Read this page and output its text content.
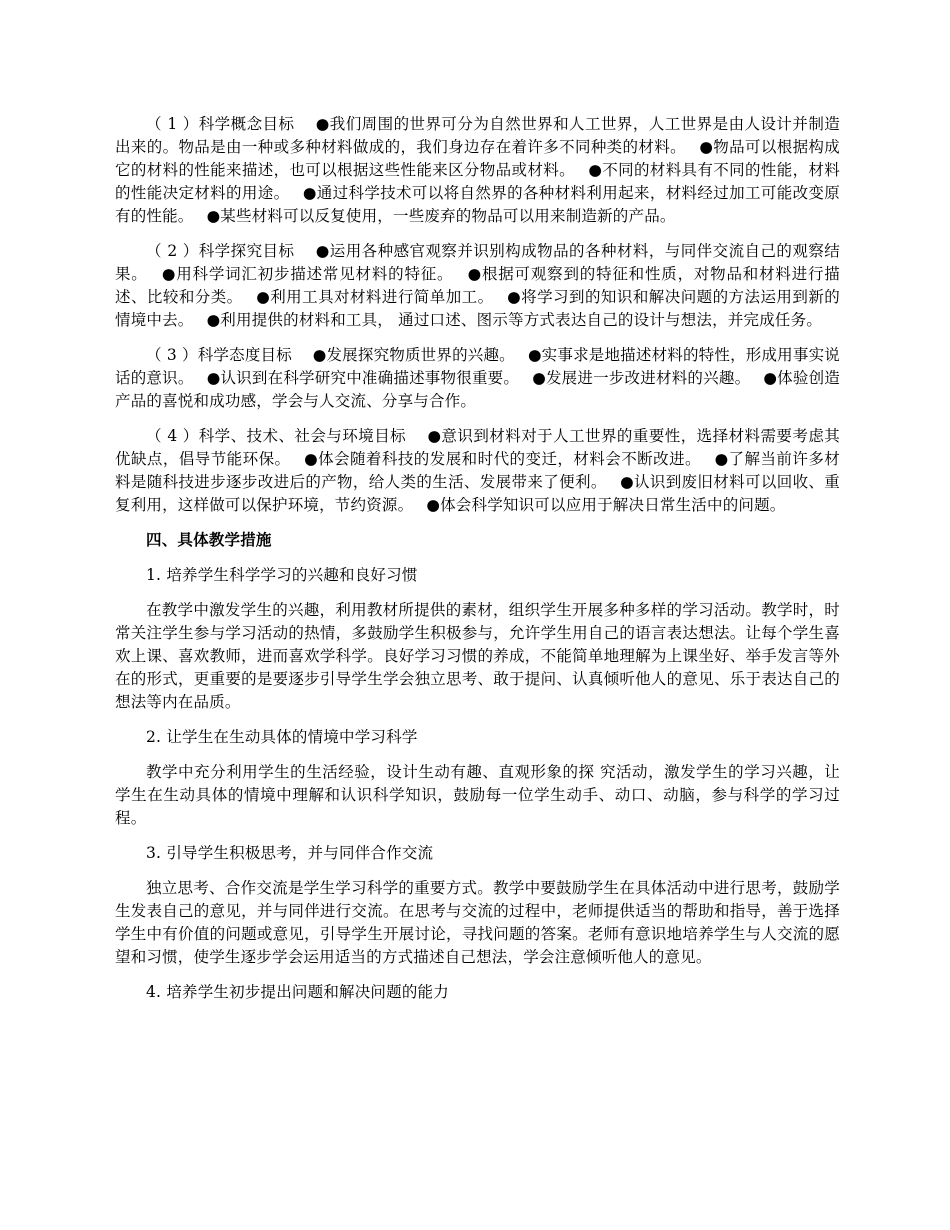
（ 1 ）科学概念目标　 ●我们周围的世界可分为自然世界和人工世界，人工世界是由人设计并制造出来的。物品是由一种或多种材料做成的，我们身边存在着许多不同种类的材料。　 ●物品可以根据构成它的材料的性能来描述，也可以根据这些性能来区分物品或材料。　 ●不同的材料具有不同的性能，材料的性能决定材料的用途。　 ●通过科学技术可以将自然界的各种材料利用起来，材料经过加工可能改变原有的性能。　 ●某些材料可以反复使用，一些废弃的物品可以用来制造新的产品。

（ 2 ）科学探究目标　 ●运用各种感官观察并识别构成物品的各种材料，与同伴交流自己的观察结果。　 ●用科学词汇初步描述常见材料的特征。　 ●根据可观察到的特征和性质，对物品和材料进行描述、比较和分类。　 ●利用工具对材料进行简单加工。　 ●将学习到的知识和解决问题的方法运用到新的情境中去。　 ●利用提供的材料和工具， 通过口述、图示等方式表达自己的设计与想法，并完成任务。

（ 3 ）科学态度目标　 ●发展探究物质世界的兴趣。　 ●实事求是地描述材料的特性，形成用事实说话的意识。　 ●认识到在科学研究中准确描述事物很重要。　 ●发展进一步改进材料的兴趣。　 ●体验创造产品的喜悦和成功感，学会与人交流、分享与合作。

（ 4 ）科学、技术、社会与环境目标　 ●意识到材料对于人工世界的重要性，选择材料需要考虑其优缺点，倡导节能环保。　 ●体会随着科技的发展和时代的变迁，材料会不断改进。　 ●了解当前许多材料是随科技进步逐步改进后的产物，给人类的生活、发展带来了便利。　 ●认识到废旧材料可以回收、重复利用，这样做可以保护环境，节约资源。　 ●体会科学知识可以应用于解决日常生活中的问题。

四、具体教学措施

1. 培养学生科学学习的兴趣和良好习惯

在教学中激发学生的兴趣，利用教材所提供的素材，组织学生开展多种多样的学习活动。教学时，时常关注学生参与学习活动的热情，多鼓励学生积极参与，允许学生用自己的语言表达想法。让每个学生喜欢上课、喜欢教师，进而喜欢学科学。良好学习习惯的养成，不能简单地理解为上课坐好、举手发言等外在的形式，更重要的是要逐步引导学生学会独立思考、敢于提问、认真倾听他人的意见、乐于表达自己的想法等内在品质。

2. 让学生在生动具体的情境中学习科学

教学中充分利用学生的生活经验，设计生动有趣、直观形象的探 究活动，激发学生的学习兴趣，让学生在生动具体的情境中理解和认识科学知识，鼓励每一位学生动手、动口、动脑，参与科学的学习过程。

3. 引导学生积极思考，并与同伴合作交流

独立思考、合作交流是学生学习科学的重要方式。教学中要鼓励学生在具体活动中进行思考，鼓励学生发表自己的意见，并与同伴进行交流。在思考与交流的过程中，老师提供适当的帮助和指导，善于选择学生中有价值的问题或意见，引导学生开展讨论，寻找问题的答案。老师有意识地培养学生与人交流的愿望和习惯，使学生逐步学会运用适当的方式描述自己想法，学会注意倾听他人的意见。

4. 培养学生初步提出问题和解决问题的能力
